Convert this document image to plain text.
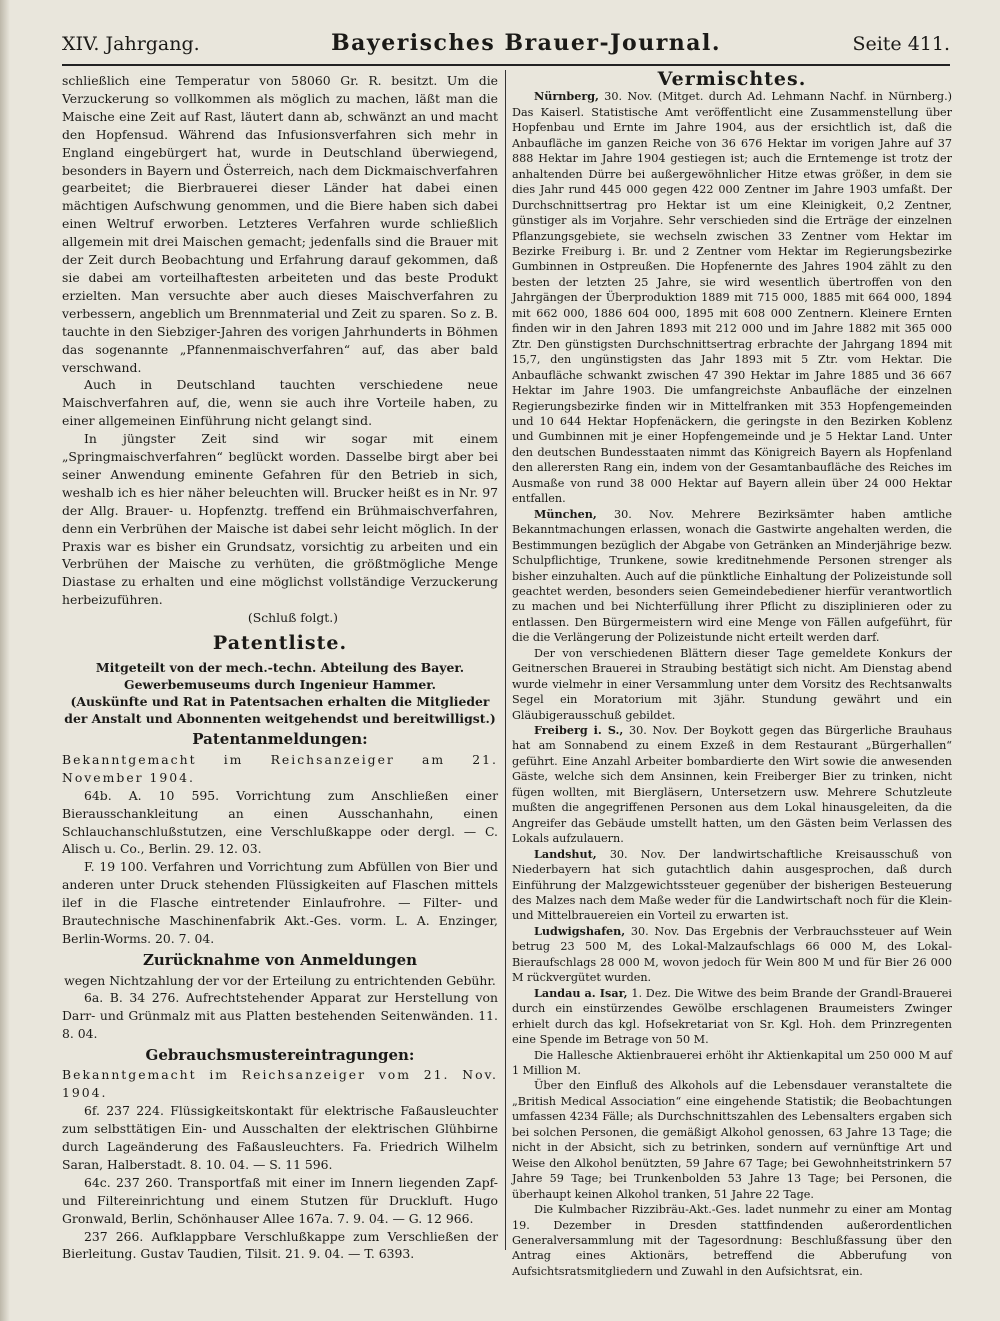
XIV. Jahrgang.	Bayerisches Brauer-Journal.	Seite 411.

schließlich eine Temperatur von 58060 Gr. R. besitzt. Um die Verzuckerung so vollkommen als möglich zu machen, läßt man die Maische eine Zeit auf Rast, läutert dann ab, schwänzt an und macht den Hopfensud. Während das Infusionsverfahren sich mehr in England eingebürgert hat, wurde in Deutschland überwiegend, besonders in Bayern und Österreich, nach dem Dickmaischverfahren gearbeitet; die Bierbrauerei dieser Länder hat dabei einen mächtigen Aufschwung genommen, und die Biere haben sich dabei einen Weltruf erworben. Letzteres Verfahren wurde schließlich allgemein mit drei Maischen gemacht; jedenfalls sind die Brauer mit der Zeit durch Beobachtung und Erfahrung darauf gekommen, daß sie dabei am vorteilhaftesten arbeiteten und das beste Produkt erzielten. Man versuchte aber auch dieses Maischverfahren zu verbessern, angeblich um Brennmaterial und Zeit zu sparen. So z. B. tauchte in den Siebziger-Jahren des vorigen Jahrhunderts in Böhmen das sogenannte „Pfannenmaischverfahren“ auf, das aber bald verschwand.

Auch in Deutschland tauchten verschiedene neue Maischverfahren auf, die, wenn sie auch ihre Vorteile haben, zu einer allgemeinen Einführung nicht gelangt sind.

In jüngster Zeit sind wir sogar mit einem „Springmaischverfahren“ beglückt worden. Dasselbe birgt aber bei seiner Anwendung eminente Gefahren für den Betrieb in sich, weshalb ich es hier näher beleuchten will. Brucker heißt es in Nr. 97 der Allg. Brauer- u. Hopfenztg. treffend ein Brühmaischverfahren, denn ein Verbrühen der Maische ist dabei sehr leicht möglich. In der Praxis war es bisher ein Grundsatz, vorsichtig zu arbeiten und ein Verbrühen der Maische zu verhüten, die größtmögliche Menge Diastase zu erhalten und eine möglichst vollständige Verzuckerung herbeizuführen.

(Schluß folgt.)

Patentliste.

Mitgeteilt von der mech.-techn. Abteilung des Bayer. Gewerbemuseums durch Ingenieur Hammer.

(Auskünfte und Rat in Patentsachen erhalten die Mitglieder der Anstalt und Abonnenten weitgehendst und bereitwilligst.)

Patentanmeldungen:

Bekanntgemacht im Reichsanzeiger am 21. November 1904.

64b. A. 10 595. Vorrichtung zum Anschließen einer Bierausschankleitung an einen Ausschanhahn, einen Schlauchanschlußstutzen, eine Verschlußkappe oder dergl. — C. Alisch u. Co., Berlin. 29. 12. 03.

F. 19 100. Verfahren und Vorrichtung zum Abfüllen von Bier und anderen unter Druck stehenden Flüssigkeiten auf Flaschen mittels ilef in die Flasche eintretender Einlaufrohre. — Filter- und Brautechnische Maschinenfabrik Akt.-Ges. vorm. L. A. Enzinger, Berlin-Worms. 20. 7. 04.

Zurücknahme von Anmeldungen

wegen Nichtzahlung der vor der Erteilung zu entrichtenden Gebühr.

6a. B. 34 276. Aufrechtstehender Apparat zur Herstellung von Darr- und Grünmalz mit aus Platten bestehenden Seitenwänden. 11. 8. 04.

Gebrauchsmustereintragungen:

Bekanntgemacht im Reichsanzeiger vom 21. Nov. 1904.

6f. 237 224. Flüssigkeitskontakt für elektrische Faßausleuchter zum selbsttätigen Ein- und Ausschalten der elektrischen Glühbirne durch Lageänderung des Faßausleuchters. Fa. Friedrich Wilhelm Saran, Halberstadt. 8. 10. 04. — S. 11 596.

64c. 237 260. Transportfaß mit einer im Innern liegenden Zapf- und Filtereinrichtung und einem Stutzen für Druckluft. Hugo Gronwald, Berlin, Schönhauser Allee 167a. 7. 9. 04. — G. 12 966.

237 266. Aufklappbare Verschlußkappe zum Verschließen der Bierleitung. Gustav Taudien, Tilsit. 21. 9. 04. — T. 6393.

Vermischtes.

Nürnberg, 30. Nov. (Mitget. durch Ad. Lehmann Nachf. in Nürnberg.) Das Kaiserl. Statistische Amt veröffentlicht eine Zusammenstellung über Hopfenbau und Ernte im Jahre 1904, aus der ersichtlich ist, daß die Anbaufläche im ganzen Reiche von 36 676 Hektar im vorigen Jahre auf 37 888 Hektar im Jahre 1904 gestiegen ist; auch die Erntemenge ist trotz der anhaltenden Dürre bei außergewöhnlicher Hitze etwas größer, in dem sie dies Jahr rund 445 000 gegen 422 000 Zentner im Jahre 1903 umfaßt. Der Durchschnittsertrag pro Hektar ist um eine Kleinigkeit, 0,2 Zentner, günstiger als im Vorjahre. Sehr verschieden sind die Erträge der einzelnen Pflanzungsgebiete, sie wechseln zwischen 33 Zentner vom Hektar im Bezirke Freiburg i. Br. und 2 Zentner vom Hektar im Regierungsbezirke Gumbinnen in Ostpreußen. Die Hopfenernte des Jahres 1904 zählt zu den besten der letzten 25 Jahre, sie wird wesentlich übertroffen von den Jahrgängen der Überproduktion 1889 mit 715 000, 1885 mit 664 000, 1894 mit 662 000, 1886 604 000, 1895 mit 608 000 Zentnern. Kleinere Ernten finden wir in den Jahren 1893 mit 212 000 und im Jahre 1882 mit 365 000 Ztr. Den günstigsten Durchschnittsertrag erbrachte der Jahrgang 1894 mit 15,7, den ungünstigsten das Jahr 1893 mit 5 Ztr. vom Hektar. Die Anbaufläche schwankt zwischen 47 390 Hektar im Jahre 1885 und 36 667 Hektar im Jahre 1903. Die umfangreichste Anbaufläche der einzelnen Regierungsbezirke finden wir in Mittelfranken mit 353 Hopfengemeinden und 10 644 Hektar Hopfenäckern, die geringste in den Bezirken Koblenz und Gumbinnen mit je einer Hopfengemeinde und je 5 Hektar Land. Unter den deutschen Bundesstaaten nimmt das Königreich Bayern als Hopfenland den allerersten Rang ein, indem von der Gesamtanbaufläche des Reiches im Ausmaße von rund 38 000 Hektar auf Bayern allein über 24 000 Hektar entfallen.

München, 30. Nov. Mehrere Bezirksämter haben amtliche Bekanntmachungen erlassen, wonach die Gastwirte angehalten werden, die Bestimmungen bezüglich der Abgabe von Getränken an Minderjährige bezw. Schulpflichtige, Trunkene, sowie kreditnehmende Personen strenger als bisher einzuhalten. Auch auf die pünktliche Einhaltung der Polizeistunde soll geachtet werden, besonders seien Gemeindebediener hierfür verantwortlich zu machen und bei Nichterfüllung ihrer Pflicht zu disziplinieren oder zu entlassen. Den Bürgermeistern wird eine Menge von Fällen aufgeführt, für die die Verlängerung der Polizeistunde nicht erteilt werden darf.

Der von verschiedenen Blättern dieser Tage gemeldete Konkurs der Geitnerschen Brauerei in Straubing bestätigt sich nicht. Am Dienstag abend wurde vielmehr in einer Versammlung unter dem Vorsitz des Rechtsanwalts Segel ein Moratorium mit 3jähr. Stundung gewährt und ein Gläubigerausschuß gebildet.

Freiberg i. S., 30. Nov. Der Boykott gegen das Bürgerliche Brauhaus hat am Sonnabend zu einem Exzeß in dem Restaurant „Bürgerhallen“ geführt. Eine Anzahl Arbeiter bombardierte den Wirt sowie die anwesenden Gäste, welche sich dem Ansinnen, kein Freiberger Bier zu trinken, nicht fügen wollten, mit Biergläsern, Untersetzern usw. Mehrere Schutzleute mußten die angegriffenen Personen aus dem Lokal hinausgeleiten, da die Angreifer das Gebäude umstellt hatten, um den Gästen beim Verlassen des Lokals aufzulauern.

Landshut, 30. Nov. Der landwirtschaftliche Kreisausschuß von Niederbayern hat sich gutachtlich dahin ausgesprochen, daß durch Einführung der Malzgewichtssteuer gegenüber der bisherigen Besteuerung des Malzes nach dem Maße weder für die Landwirtschaft noch für die Klein- und Mittelbrauereien ein Vorteil zu erwarten ist.

Ludwigshafen, 30. Nov. Das Ergebnis der Verbrauchssteuer auf Wein betrug 23 500 M, des Lokal-Malzaufschlags 66 000 M, des Lokal-Bieraufschlags 28 000 M, wovon jedoch für Wein 800 M und für Bier 26 000 M rückvergütet wurden.

Landau a. Isar, 1. Dez. Die Witwe des beim Brande der Grandl-Brauerei durch ein einstürzendes Gewölbe erschlagenen Braumeisters Zwinger erhielt durch das kgl. Hofsekretariat von Sr. Kgl. Hoh. dem Prinzregenten eine Spende im Betrage von 50 M.

Die Hallesche Aktienbrauerei erhöht ihr Aktienkapital um 250 000 M auf 1 Million M.

Über den Einfluß des Alkohols auf die Lebensdauer veranstaltete die „British Medical Association“ eine eingehende Statistik; die Beobachtungen umfassen 4234 Fälle; als Durchschnittszahlen des Lebensalters ergaben sich bei solchen Personen, die gemäßigt Alkohol genossen, 63 Jahre 13 Tage; die nicht in der Absicht, sich zu betrinken, sondern auf vernünftige Art und Weise den Alkohol benützten, 59 Jahre 67 Tage; bei Gewohnheitstrinkern 57 Jahre 59 Tage; bei Trunkenbolden 53 Jahre 13 Tage; bei Personen, die überhaupt keinen Alkohol tranken, 51 Jahre 22 Tage.

Die Kulmbacher Rizzibräu-Akt.-Ges. ladet nunmehr zu einer am Montag 19. Dezember in Dresden stattfindenden außerordentlichen Generalversammlung mit der Tagesordnung: Beschlußfassung über den Antrag eines Aktionärs, betreffend die Abberufung von Aufsichtsratsmitgliedern und Zuwahl in den Aufsichtsrat, ein.
